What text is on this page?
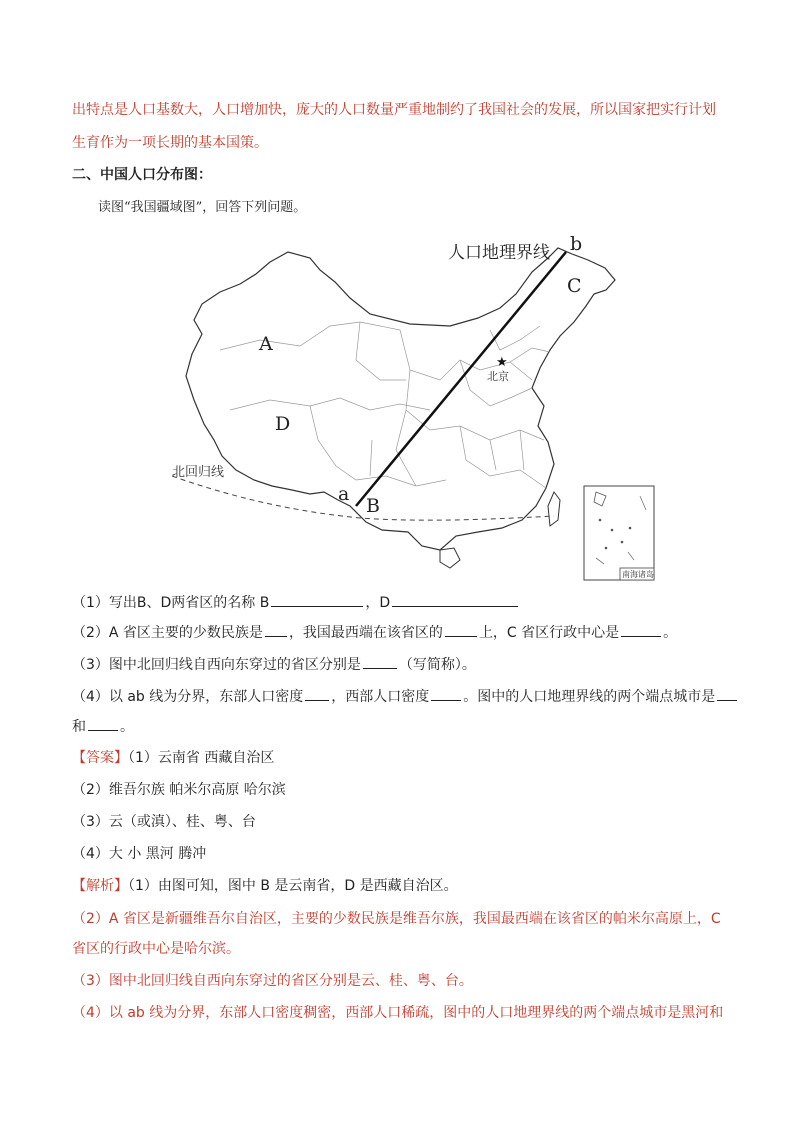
出特点是人口基数大，人口增加快，庞大的人口数量严重地制约了我国社会的发展，所以国家把实行计划
生育作为一项长期的基本国策。
二、中国人口分布图：
读图“我国疆域图”，回答下列问题。
北回归线
人口地理界线 b
a
A
B
C
D
★
北京
南海诸岛
（1）写出B、D两省区的名称 B	，D
（2）A 省区主要的少数民族是 ，我国最西端在该省区的	上，C 省区行政中心是	。
（3）图中北回归线自西向东穿过的省区分别是	（写简称）。
（4）以 ab 线为分界，东部人口密度 ，西部人口密度 。图中的人口地理界线的两个端点城市是
和 。
【答案】（1）云南省 西藏自治区
（2）维吾尔族 帕米尔高原 哈尔滨
（3）云（或滇）、桂、粤、台
（4）大 小 黑河 腾冲
【解析】（1）由图可知，图中 B 是云南省，D 是西藏自治区。
（2）A 省区是新疆维吾尔自治区，主要的少数民族是维吾尔族，我国最西端在该省区的帕米尔高原上，C
省区的行政中心是哈尔滨。
（3）图中北回归线自西向东穿过的省区分别是云、桂、粤、台。
（4）以 ab 线为分界，东部人口密度稠密，西部人口稀疏，图中的人口地理界线的两个端点城市是黑河和
